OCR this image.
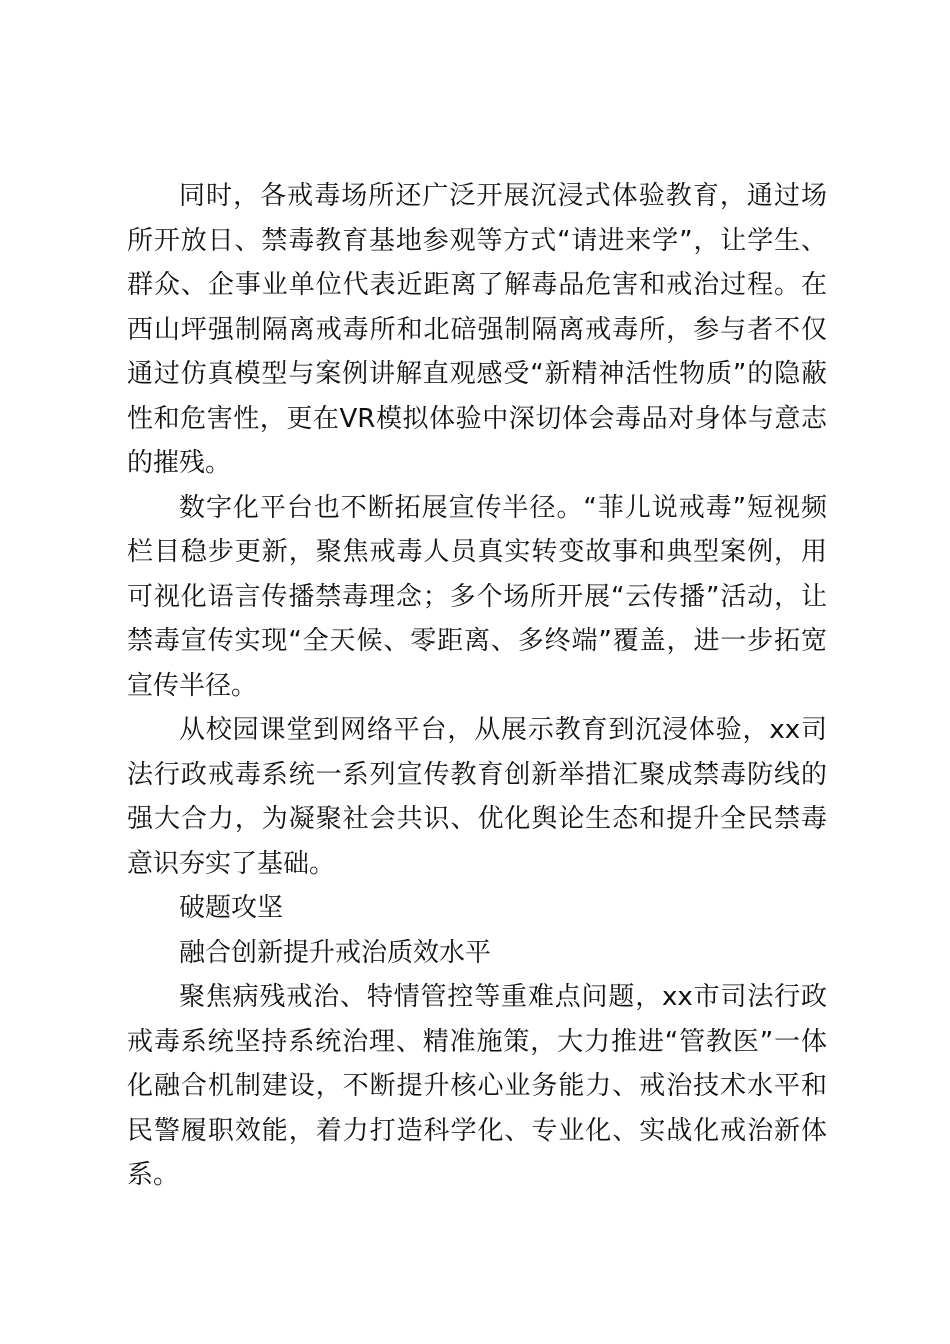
同时，各戒毒场所还广泛开展沉浸式体验教育，通过场所开放日、禁毒教育基地参观等方式“请进来学”，让学生、群众、企事业单位代表近距离了解毒品危害和戒治过程。在西山坪强制隔离戒毒所和北碚强制隔离戒毒所，参与者不仅通过仿真模型与案例讲解直观感受“新精神活性物质”的隐蔽性和危害性，更在VR模拟体验中深切体会毒品对身体与意志的摧残。

数字化平台也不断拓展宣传半径。“菲儿说戒毒”短视频栏目稳步更新，聚焦戒毒人员真实转变故事和典型案例，用可视化语言传播禁毒理念；多个场所开展“云传播”活动，让禁毒宣传实现“全天候、零距离、多终端”覆盖，进一步拓宽宣传半径。

从校园课堂到网络平台，从展示教育到沉浸体验，xx司法行政戒毒系统一系列宣传教育创新举措汇聚成禁毒防线的强大合力，为凝聚社会共识、优化舆论生态和提升全民禁毒意识夯实了基础。

破题攻坚

融合创新提升戒治质效水平

聚焦病残戒治、特情管控等重难点问题，xx市司法行政戒毒系统坚持系统治理、精准施策，大力推进“管教医”一体化融合机制建设，不断提升核心业务能力、戒治技术水平和民警履职效能，着力打造科学化、专业化、实战化戒治新体系。
